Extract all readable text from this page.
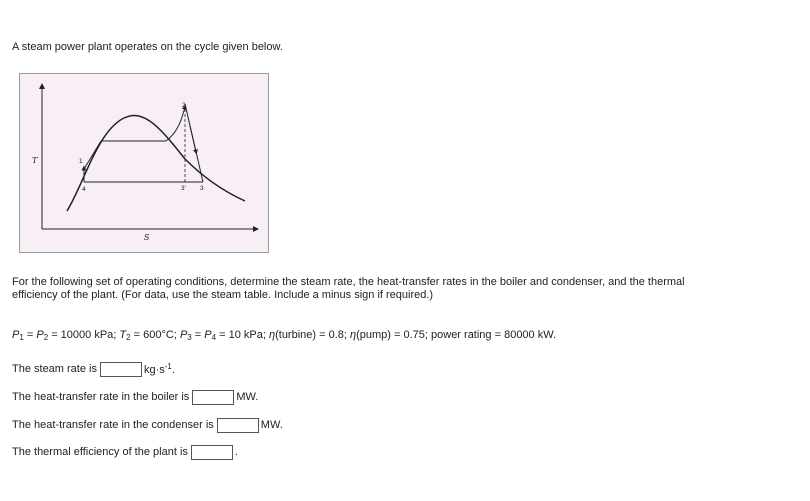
A steam power plant operates on the cycle given below.
T
S
1
2
3' 3
4
For the following set of operating conditions, determine the steam rate, the heat-transfer rates in the boiler and condenser, and the thermal efficiency of the plant. (For data, use the steam table. Include a minus sign if required.)
$P_1 = P_2 = 10000$ kPa; $T_2 = 600^\circ C$; $P_3 = P_4 = 10$ kPa; η(turbine) = 0.8; η(pump) = 0.75; power rating = 80000 kW.
The steam rate is	$kg\cdot s^{-1}$.
The heat-transfer rate in the boiler is	MW.
The heat-transfer rate in the condenser is	MW.
The thermal efficiency of the plant is	.
